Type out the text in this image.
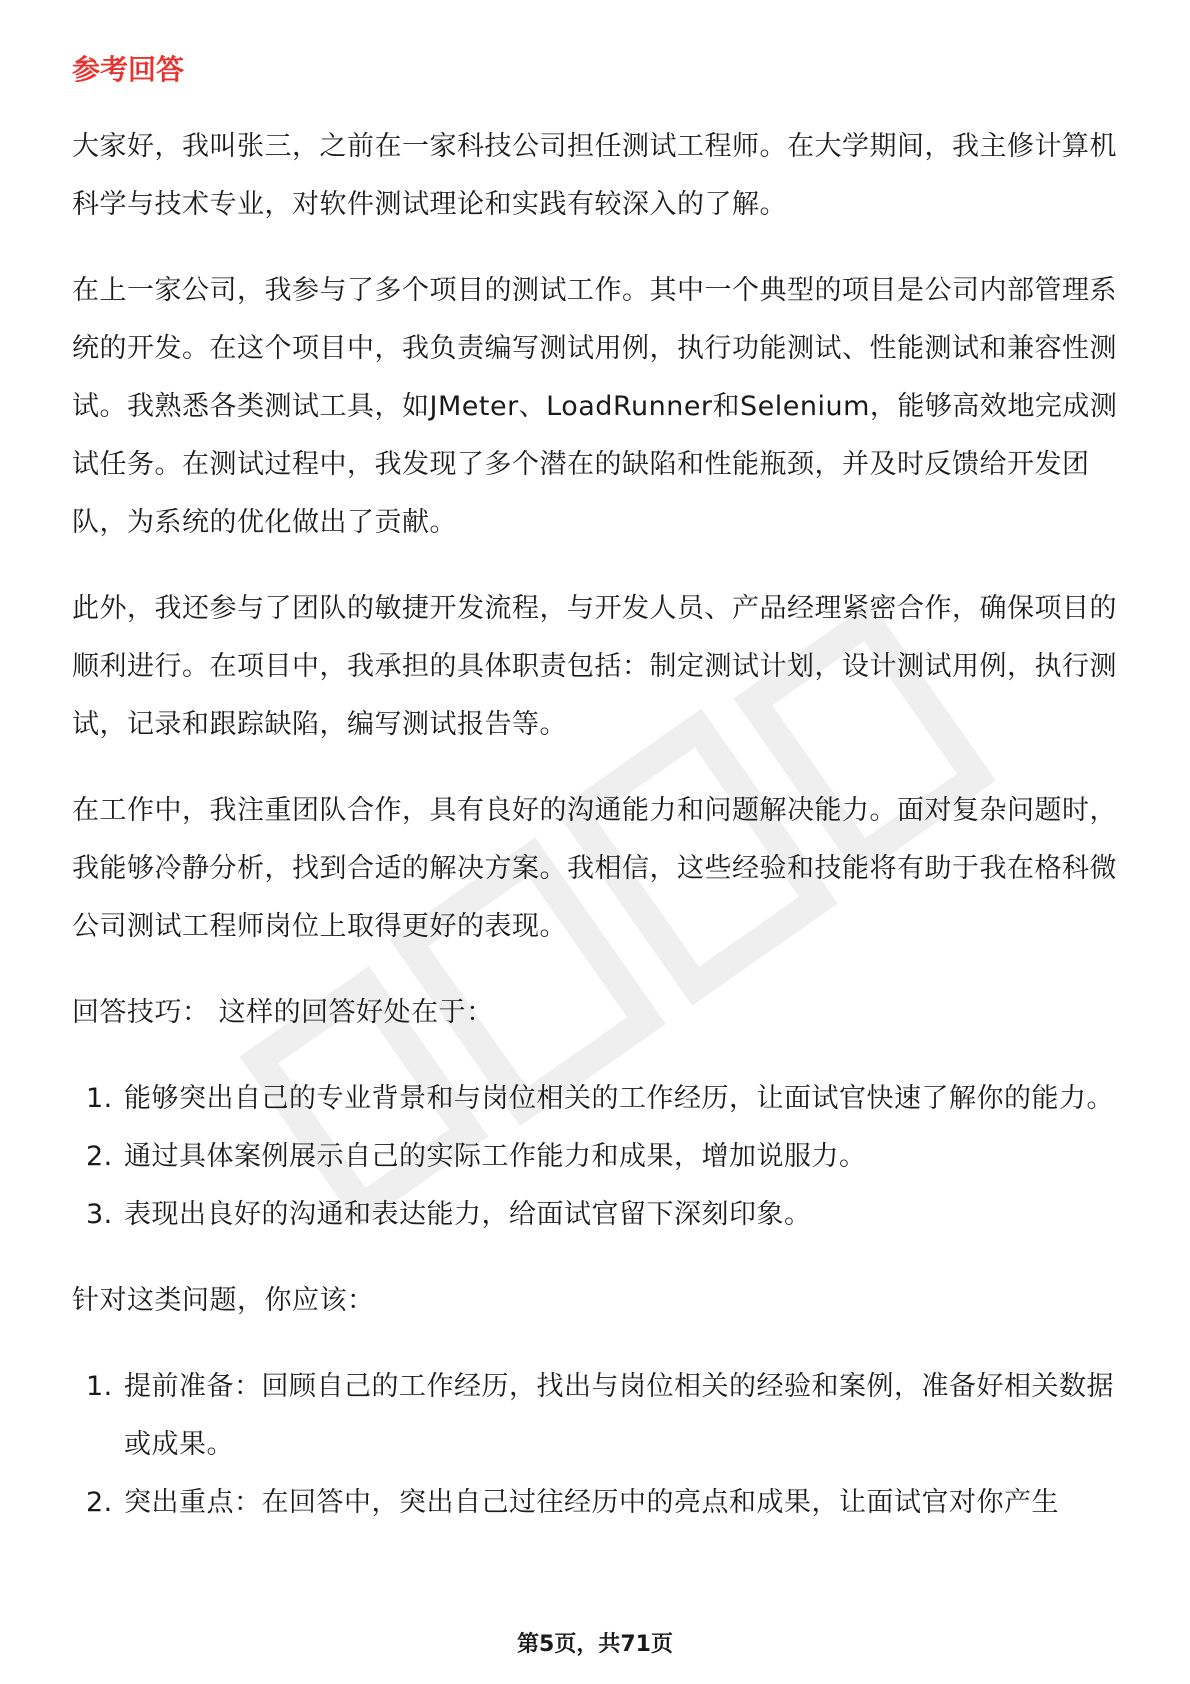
参考回答

大家好，我叫张三，之前在一家科技公司担任测试工程师。在大学期间，我主修计算机科学与技术专业，对软件测试理论和实践有较深入的了解。

在上一家公司，我参与了多个项目的测试工作。其中一个典型的项目是公司内部管理系统的开发。在这个项目中，我负责编写测试用例，执行功能测试、性能测试和兼容性测试。我熟悉各类测试工具，如JMeter、LoadRunner和Selenium，能够高效地完成测试任务。在测试过程中，我发现了多个潜在的缺陷和性能瓶颈，并及时反馈给开发团队，为系统的优化做出了贡献。

此外，我还参与了团队的敏捷开发流程，与开发人员、产品经理紧密合作，确保项目的顺利进行。在项目中，我承担的具体职责包括：制定测试计划，设计测试用例，执行测试，记录和跟踪缺陷，编写测试报告等。

在工作中，我注重团队合作，具有良好的沟通能力和问题解决能力。面对复杂问题时，我能够冷静分析，找到合适的解决方案。我相信，这些经验和技能将有助于我在格科微公司测试工程师岗位上取得更好的表现。

回答技巧： 这样的回答好处在于：

1. 能够突出自己的专业背景和与岗位相关的工作经历，让面试官快速了解你的能力。
2. 通过具体案例展示自己的实际工作能力和成果，增加说服力。
3. 表现出良好的沟通和表达能力，给面试官留下深刻印象。

针对这类问题，你应该：

1. 提前准备：回顾自己的工作经历，找出与岗位相关的经验和案例，准备好相关数据或成果。
2. 突出重点：在回答中，突出自己过往经历中的亮点和成果，让面试官对你产生
第5页，共71页
